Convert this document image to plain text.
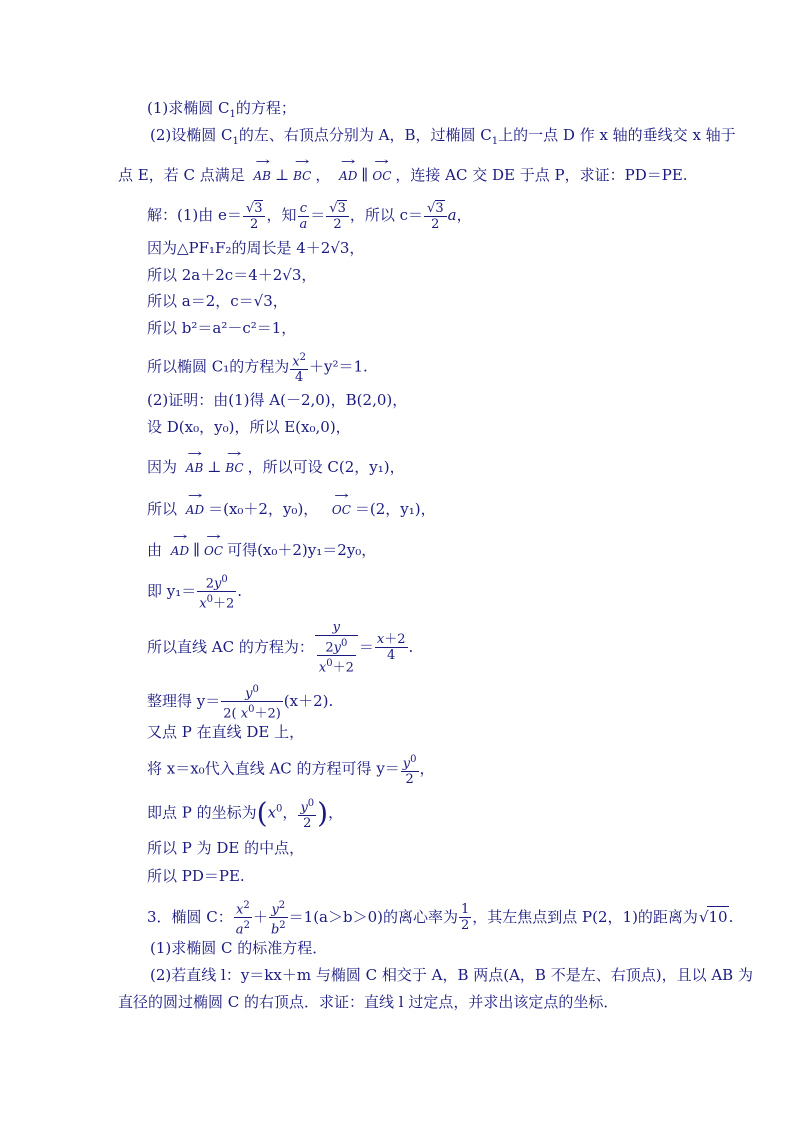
(1)求椭圆 $C_1$的方程；
(2)设椭圆 $C_1$的左、右顶点分别为 A，B，过椭圆 $C_1$上的一点 D 作 x 轴的垂线交 x 轴于
点 E，若 C 点满足 → AB ⊥ → BC ， → AD ∥ → OC ，连接 AC 交 DE 于点 P，求证：PD＝PE.
解：(1)由 e＝ √ $\frac{3}{2}$ ，知 $\frac{c}{a}$ ＝ √ $\frac{3}{2}$ ，所以 c＝ √ $\frac{3}{2}$ a，
因为△PF₁F₂的周长是 4＋2√3，
所以 2a＋2c＝4＋2√3，
所以 a＝2，c＝√3，
所以 b²＝a²－c²＝1，
所以椭圆 C₁的方程为 $\frac{x^2}{4} +y^2=1$.
(2)证明：由(1)得 A(－2,0)，B(2,0)，
设 D(x₀，y₀)，所以 E(x₀,0)，
因为 → AB ⊥ → BC ，所以可设 C(2，y₁)，
所以 → AD ＝(x₀＋2，y₀)， → OC ＝(2，y₁)，
由 → AD ∥ → OC 可得(x₀＋2)y₁＝2y₀，
即 $y_1= \frac{2y^0}{x^0+2}$ .
所以直线 AC 的方程为： $\frac{y}{\frac{2y^0}{x^0+2}} = \frac{x+2}{4}$ .
整理得 $y= \frac{y^0}{2( x^0+2)} (x+2)$.
又点 P 在直线 DE 上，
将 x＝x₀代入直线 AC 的方程可得 $y= \frac{y^0}{2}$ ，
即点 P 的坐标为($x^0$， $\frac{y^0}{2}$ )，
所以 P 为 DE 的中点，
所以 PD＝PE.
3．椭圆 C： $\frac{x^2}{a^2} + \frac{y^2}{b^2} =1(a>b>0)$的离心率为 $\frac{1}{2}$ ，其左焦点到点 P(2，1)的距离为 √ 10.
(1)求椭圆 C 的标准方程．
(2)若直线 l：y＝kx＋m 与椭圆 C 相交于 A，B 两点(A，B 不是左、右顶点)，且以 AB 为
直径的圆过椭圆 C 的右顶点．求证：直线 l 过定点，并求出该定点的坐标．
